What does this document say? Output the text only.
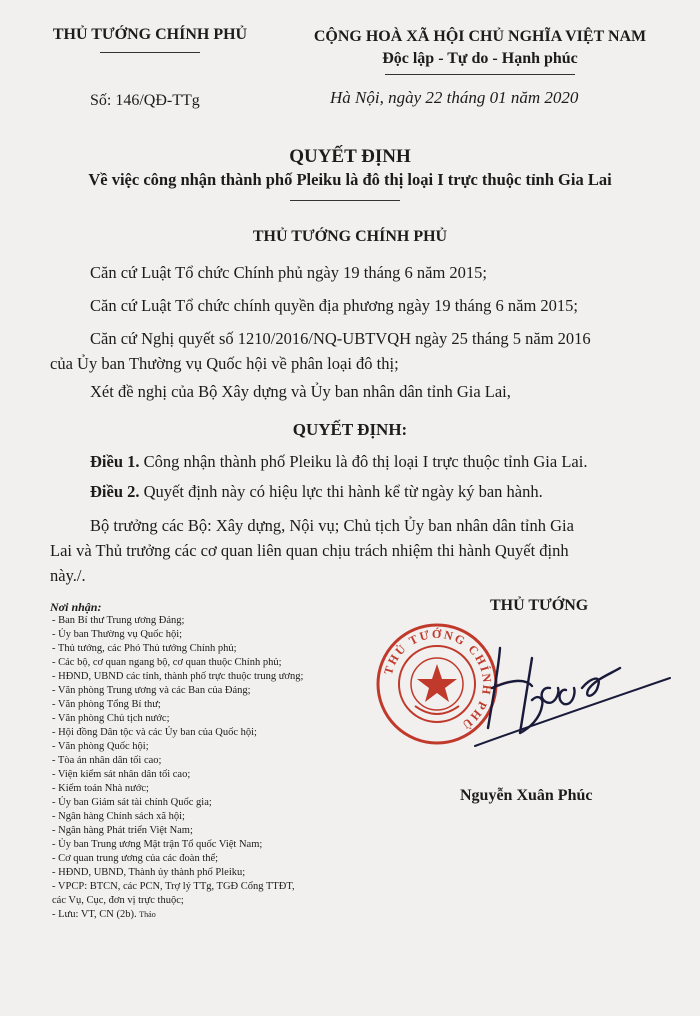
THỦ TƯỚNG CHÍNH PHỦ	CỘNG HOÀ XÃ HỘI CHỦ NGHĨA VIỆT NAM
Độc lập - Tự do - Hạnh phúc
Số: 146/QĐ-TTg	Hà Nội, ngày 22 tháng 01 năm 2020
QUYẾT ĐỊNH
Về việc công nhận thành phố Pleiku là đô thị loại I trực thuộc tỉnh Gia Lai
THỦ TƯỚNG CHÍNH PHỦ
Căn cứ Luật Tổ chức Chính phủ ngày 19 tháng 6 năm 2015;
Căn cứ Luật Tổ chức chính quyền địa phương ngày 19 tháng 6 năm 2015;
Căn cứ Nghị quyết số 1210/2016/NQ-UBTVQH ngày 25 tháng 5 năm 2016
của Ủy ban Thường vụ Quốc hội về phân loại đô thị;
Xét đề nghị của Bộ Xây dựng và Ủy ban nhân dân tỉnh Gia Lai,
QUYẾT ĐỊNH:
Điều 1. Công nhận thành phố Pleiku là đô thị loại I trực thuộc tỉnh Gia Lai.
Điều 2. Quyết định này có hiệu lực thi hành kể từ ngày ký ban hành.
Bộ trưởng các Bộ: Xây dựng, Nội vụ; Chủ tịch Ủy ban nhân dân tỉnh Gia
Lai và Thủ trưởng các cơ quan liên quan chịu trách nhiệm thi hành Quyết định
này./.
Nơi nhận:
- Ban Bí thư Trung ương Đảng;
- Ủy ban Thường vụ Quốc hội;
- Thủ tướng, các Phó Thủ tướng Chính phủ;
- Các bộ, cơ quan ngang bộ, cơ quan thuộc Chính phủ;
- HĐND, UBND các tỉnh, thành phố trực thuộc trung ương;
- Văn phòng Trung ương và các Ban của Đảng;
- Văn phòng Tổng Bí thư;
- Văn phòng Chủ tịch nước;
- Hội đồng Dân tộc và các Ủy ban của Quốc hội;
- Văn phòng Quốc hội;
- Tòa án nhân dân tối cao;
- Viện kiểm sát nhân dân tối cao;
- Kiểm toán Nhà nước;
- Ủy ban Giám sát tài chính Quốc gia;
- Ngân hàng Chính sách xã hội;
- Ngân hàng Phát triển Việt Nam;
- Ủy ban Trung ương Mặt trận Tổ quốc Việt Nam;
- Cơ quan trung ương của các đoàn thể;
- HĐND, UBND, Thành ủy thành phố Pleiku;
- VPCP: BTCN, các PCN, Trợ lý TTg, TGĐ Cổng TTĐT,
các Vụ, Cục, đơn vị trực thuộc;
- Lưu: VT, CN (2b). Thảo
THỦ TƯỚNG
THỦ TƯỚNG CHÍNH PHỦ
Nguyễn Xuân Phúc
